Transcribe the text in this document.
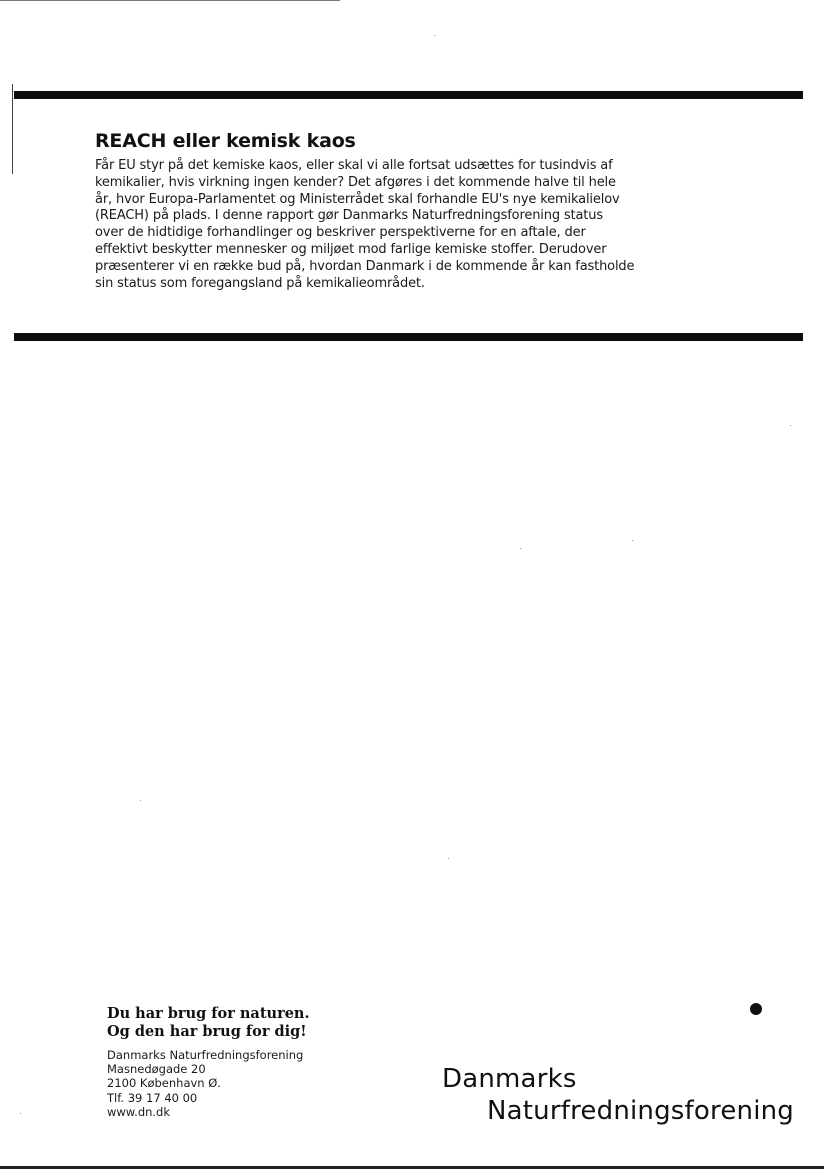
REACH eller kemisk kaos

Får EU styr på det kemiske kaos, eller skal vi alle fortsat udsættes for tusindvis af
kemikalier, hvis virkning ingen kender? Det afgøres i det kommende halve til hele
år, hvor Europa-Parlamentet og Ministerrådet skal forhandle EU's nye kemikalielov
(REACH) på plads. I denne rapport gør Danmarks Naturfredningsforening status
over de hidtidige forhandlinger og beskriver perspektiverne for en aftale, der
effektivt beskytter mennesker og miljøet mod farlige kemiske stoffer. Derudover
præsenterer vi en række bud på, hvordan Danmark i de kommende år kan fastholde
sin status som foregangsland på kemikalieområdet.

Du har brug for naturen.
Og den har brug for dig!
Danmarks Naturfredningsforening
Masnedøgade 20
2100 København Ø.
Tlf. 39 17 40 00
www.dn.dk
Danmarks
Naturfredningsforening
